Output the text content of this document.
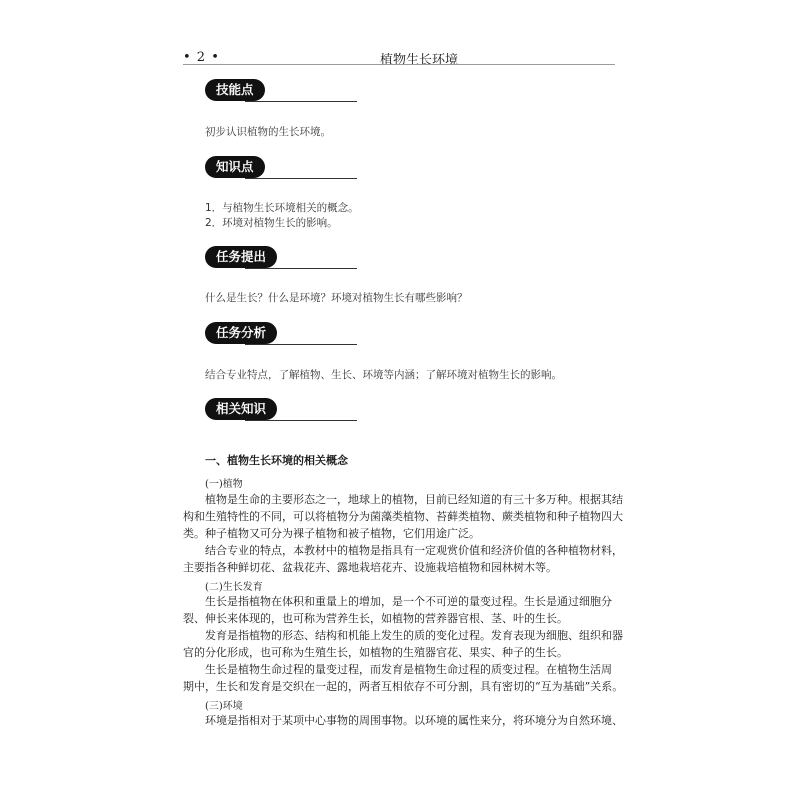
• 2 •	植物生长环境
技能点
初步认识植物的生长环境。
知识点
1．与植物生长环境相关的概念。
2．环境对植物生长的影响。
任务提出
什么是生长？什么是环境？环境对植物生长有哪些影响？
任务分析
结合专业特点，了解植物、生长、环境等内涵；了解环境对植物生长的影响。
相关知识
一、植物生长环境的相关概念
(一)植物
植物是生命的主要形态之一，地球上的植物，目前已经知道的有三十多万种。根据其结
构和生殖特性的不同，可以将植物分为菌藻类植物、苔藓类植物、蕨类植物和种子植物四大
类。种子植物又可分为裸子植物和被子植物，它们用途广泛。
结合专业的特点，本教材中的植物是指具有一定观赏价值和经济价值的各种植物材料，
主要指各种鲜切花、盆栽花卉、露地栽培花卉、设施栽培植物和园林树木等。
(二)生长发育
生长是指植物在体积和重量上的增加，是一个不可逆的量变过程。生长是通过细胞分
裂、伸长来体现的，也可称为营养生长，如植物的营养器官根、茎、叶的生长。
发育是指植物的形态、结构和机能上发生的质的变化过程。发育表现为细胞、组织和器
官的分化形成，也可称为生殖生长，如植物的生殖器官花、果实、种子的生长。
生长是植物生命过程的量变过程，而发育是植物生命过程的质变过程。在植物生活周
期中，生长和发育是交织在一起的，两者互相依存不可分割，具有密切的“互为基础”关系。
(三)环境
环境是指相对于某项中心事物的周围事物。以环境的属性来分，将环境分为自然环境、
